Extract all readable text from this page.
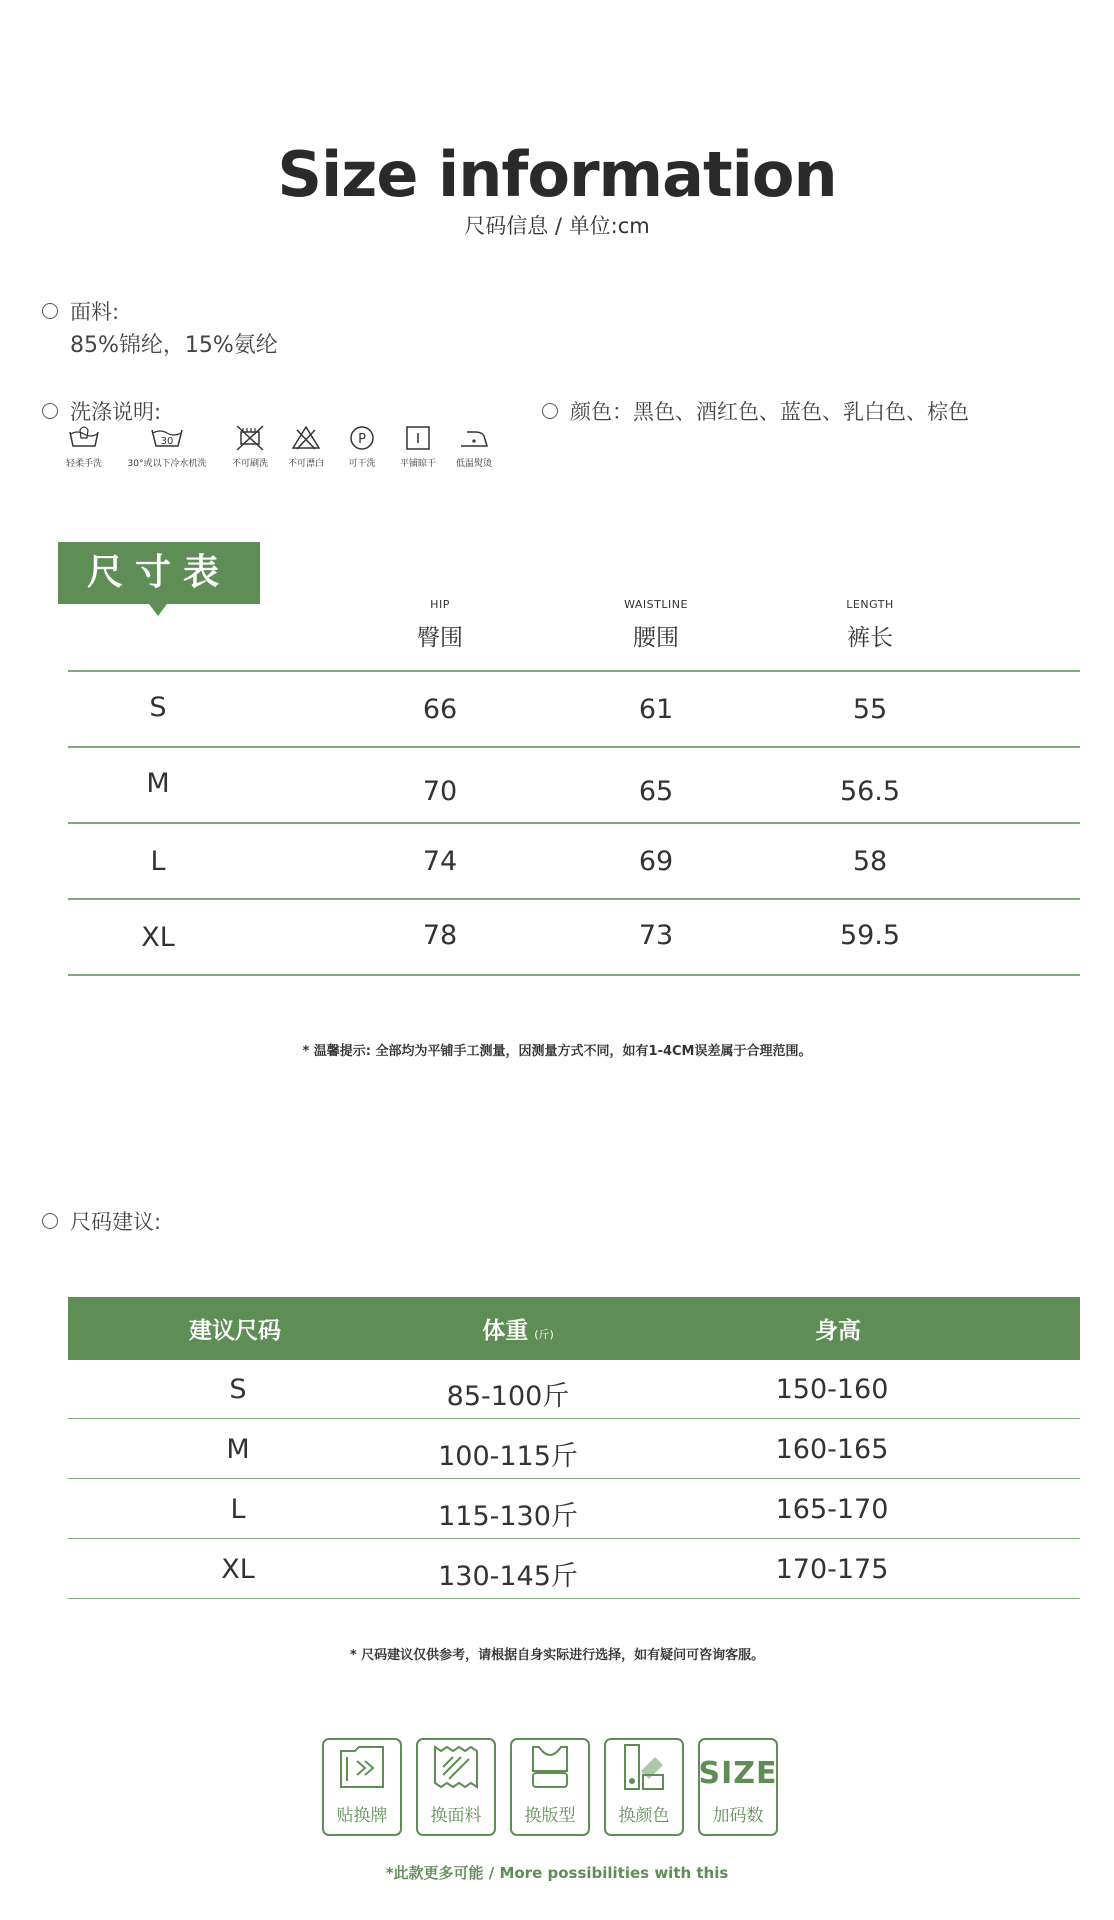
Size information
尺码信息 / 单位:cm
面料:
85%锦纶，15%氨纶
洗涤说明:
轻柔手洗
30
30°或以下冷水机洗	不可刷洗 不可漂白
P
可干洗	平铺晾干 低温熨烫
颜色：黑色、酒红色、蓝色、乳白色、棕色
尺寸表
HIP
臀围
WAISTLINE
腰围
LENGTH
裤长
S	66	61	55
M	70	65	56.5
L	74	69	58
XL	78	73	59.5
* 温馨提示: 全部均为平铺手工测量，因测量方式不同，如有1-4CM误差属于合理范围。
尺码建议:
建议尺码	体重 (斤)	身高
S	85-100斤	150-160
M	100-115斤	160-165
L	115-130斤	165-170
XL	130-145斤	170-175
* 尺码建议仅供参考，请根据自身实际进行选择，如有疑问可咨询客服。
贴换牌	换面料	换版型	换颜色
SIZE
加码数
*此款更多可能 / More possibilities with this
